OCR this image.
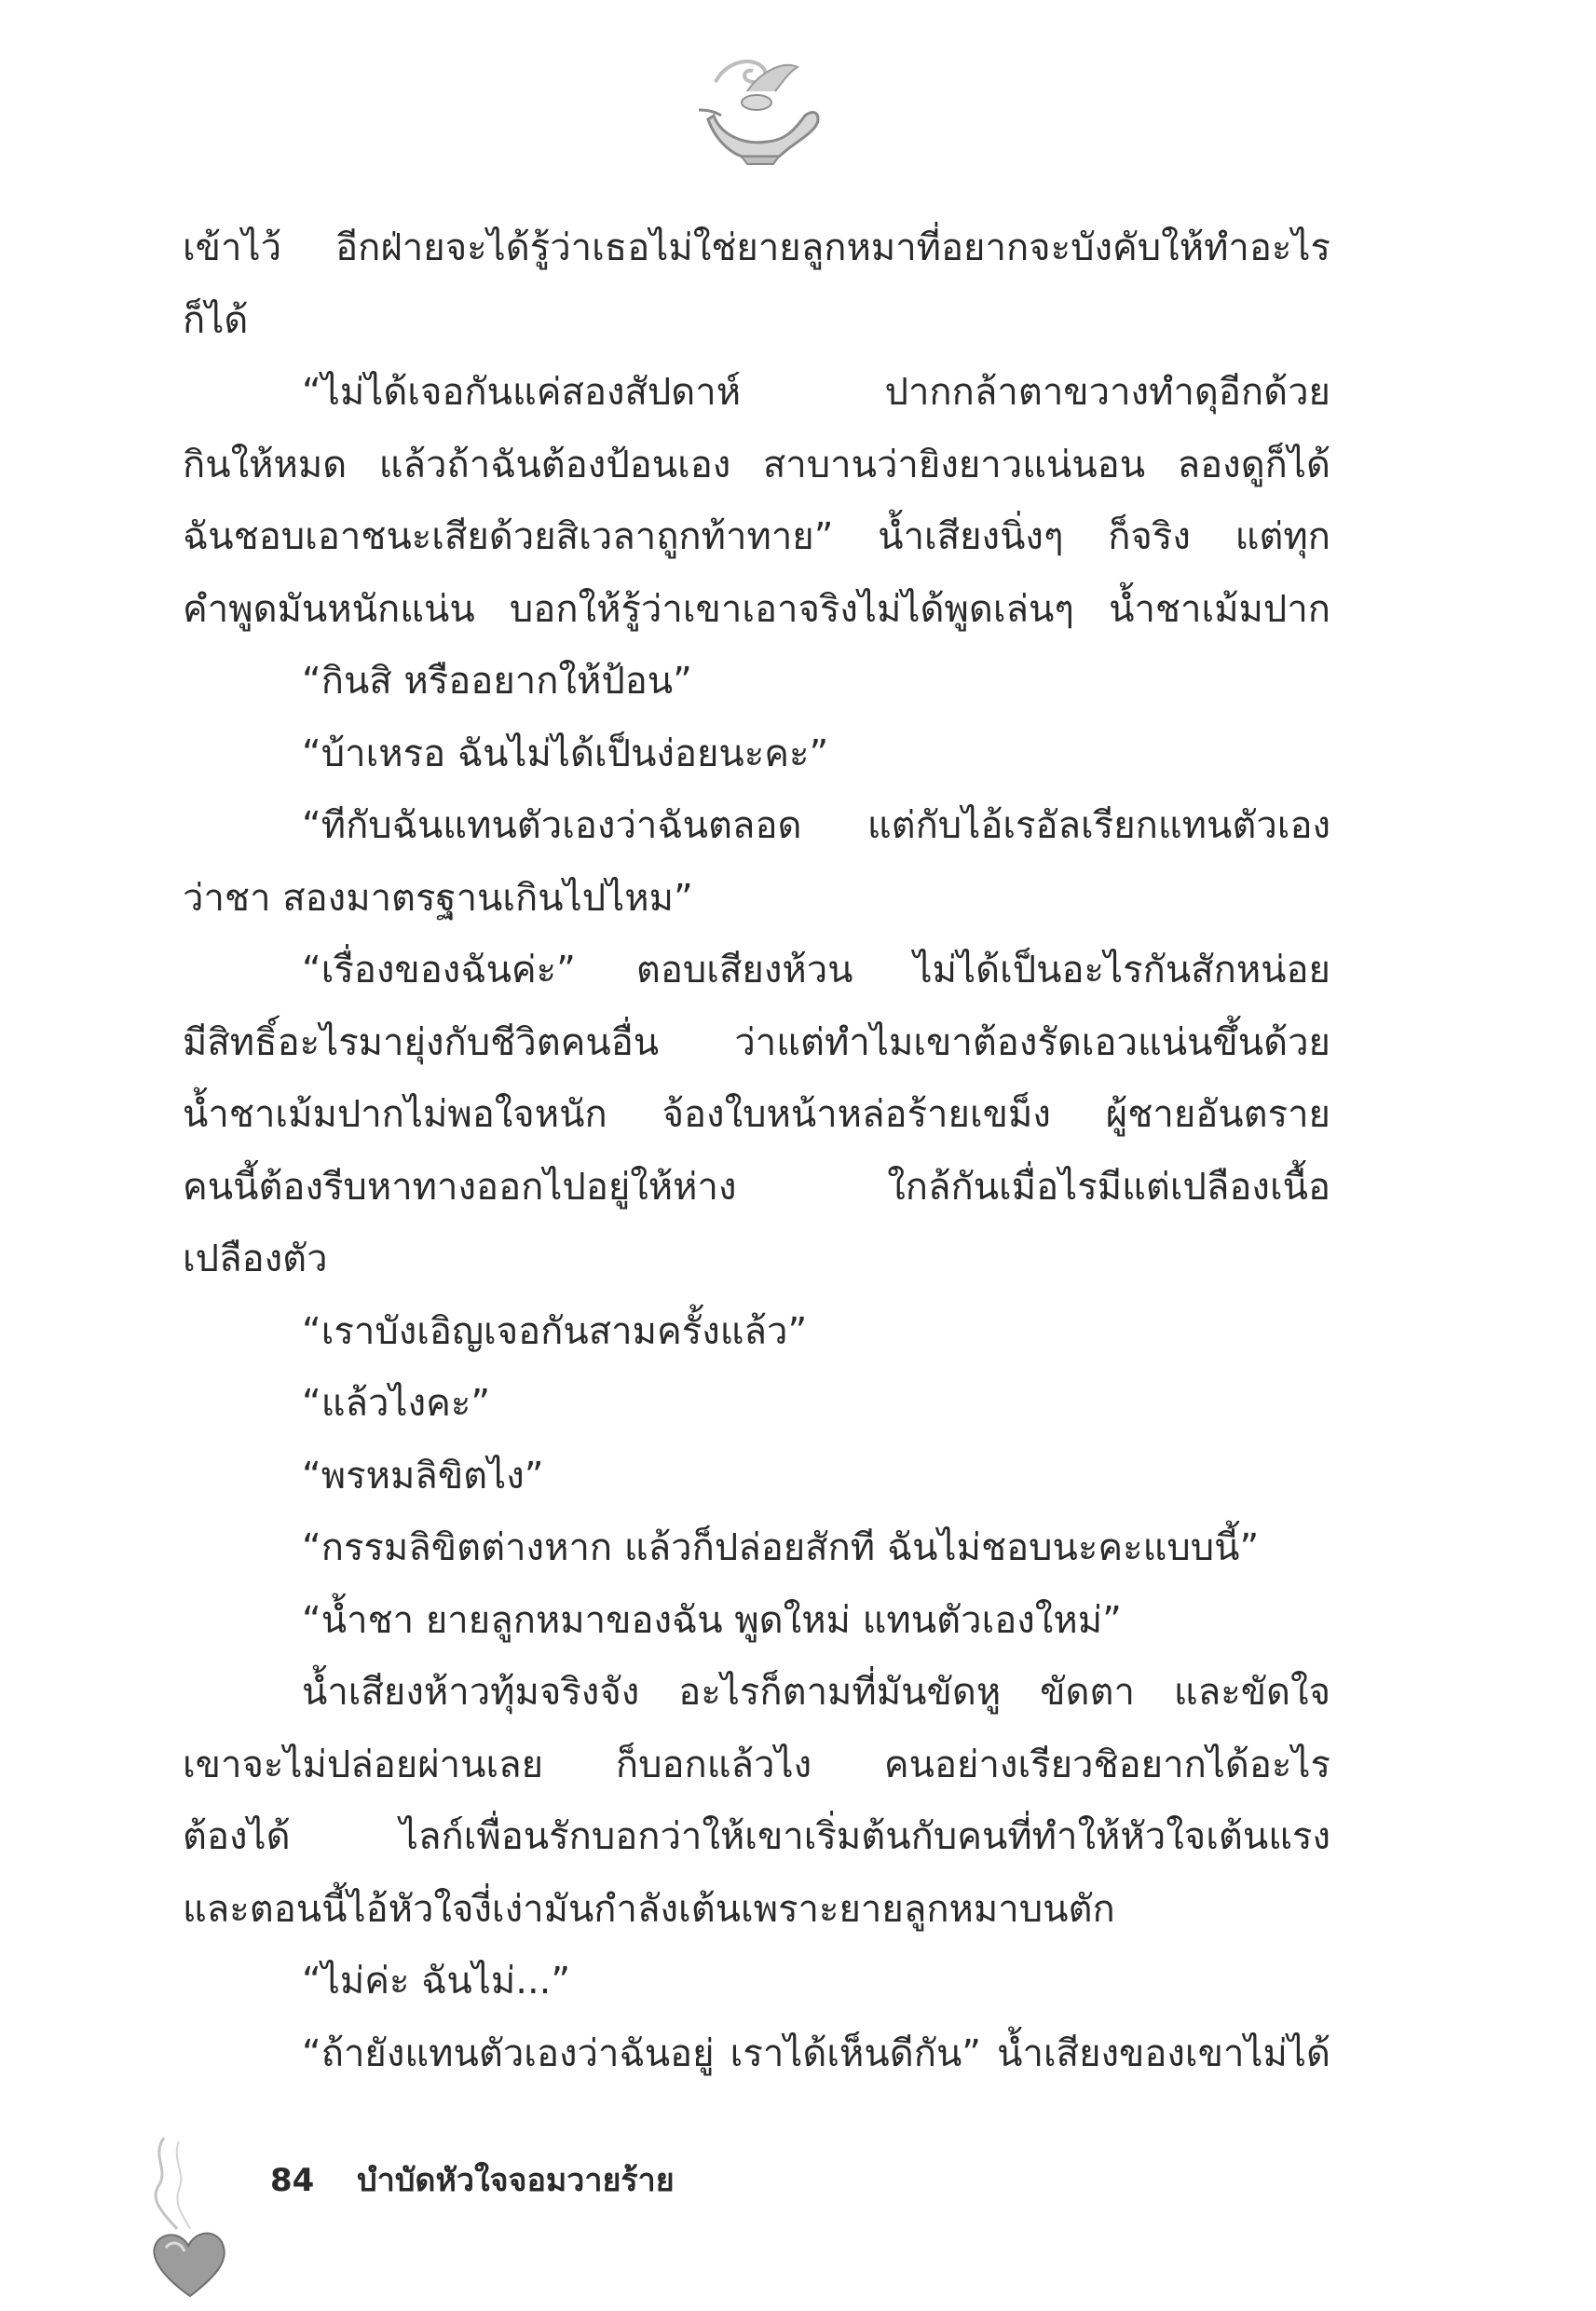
เข้าไว้ อีกฝ่ายจะได้รู้ว่าเธอไม่ใช่ยายลูกหมาที่อยากจะบังคับให้ทำอะไร
ก็ได้
“ไม่ได้เจอกันแค่สองสัปดาห์ ปากกล้าตาขวางทำดุอีกด้วย
กินให้หมด แล้วถ้าฉันต้องป้อนเอง สาบานว่ายิงยาวแน่นอน ลองดูก็ได้
ฉันชอบเอาชนะเสียด้วยสิเวลาถูกท้าทาย” น้ำเสียงนิ่งๆ ก็จริง แต่ทุก
คำพูดมันหนักแน่น บอกให้รู้ว่าเขาเอาจริงไม่ได้พูดเล่นๆ น้ำชาเม้มปาก
“กินสิ หรืออยากให้ป้อน”
“บ้าเหรอ ฉันไม่ได้เป็นง่อยนะคะ”
“ทีกับฉันแทนตัวเองว่าฉันตลอด แต่กับไอ้เรอัลเรียกแทนตัวเอง
ว่าชา สองมาตรฐานเกินไปไหม”
“เรื่องของฉันค่ะ” ตอบเสียงห้วน ไม่ได้เป็นอะไรกันสักหน่อย
มีสิทธิ์อะไรมายุ่งกับชีวิตคนอื่น ว่าแต่ทำไมเขาต้องรัดเอวแน่นขึ้นด้วย
น้ำชาเม้มปากไม่พอใจหนัก จ้องใบหน้าหล่อร้ายเขม็ง ผู้ชายอันตราย
คนนี้ต้องรีบหาทางออกไปอยู่ให้ห่าง ใกล้กันเมื่อไรมีแต่เปลืองเนื้อ
เปลืองตัว
“เราบังเอิญเจอกันสามครั้งแล้ว”
“แล้วไงคะ”
“พรหมลิขิตไง”
“กรรมลิขิตต่างหาก แล้วก็ปล่อยสักที ฉันไม่ชอบนะคะแบบนี้”
“น้ำชา ยายลูกหมาของฉัน พูดใหม่ แทนตัวเองใหม่”
น้ำเสียงห้าวทุ้มจริงจัง อะไรก็ตามที่มันขัดหู ขัดตา และขัดใจ
เขาจะไม่ปล่อยผ่านเลย ก็บอกแล้วไง คนอย่างเรียวชิอยากได้อะไร
ต้องได้ ไลก์เพื่อนรักบอกว่าให้เขาเริ่มต้นกับคนที่ทำให้หัวใจเต้นแรง
และตอนนี้ไอ้หัวใจงี่เง่ามันกำลังเต้นเพราะยายลูกหมาบนตัก
“ไม่ค่ะ ฉันไม่...”
“ถ้ายังแทนตัวเองว่าฉันอยู่ เราได้เห็นดีกัน” น้ำเสียงของเขาไม่ได้
84 บำบัดหัวใจจอมวายร้าย
